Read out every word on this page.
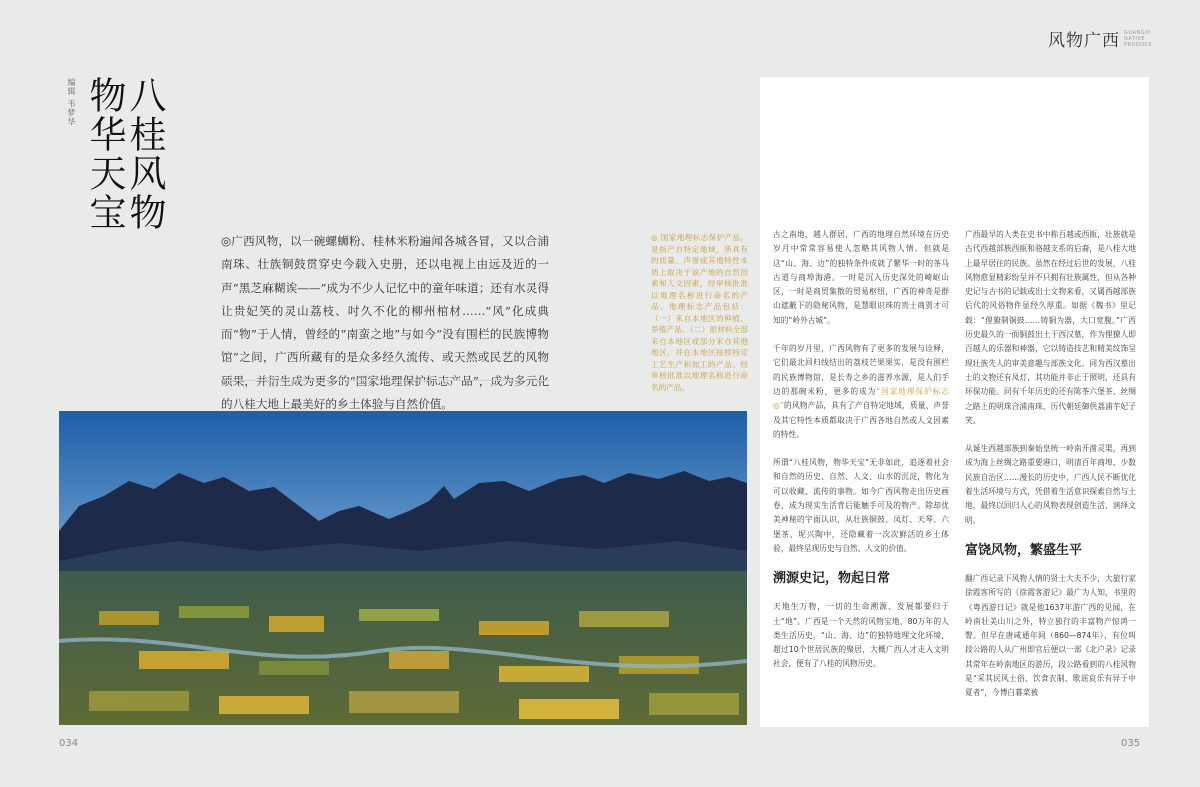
风物广西 GUANGXI NATIVE PRODUCE
编辑 韦梦华 八桂风物
物华天宝
◎广西风物，以一碗螺蛳粉、桂林米粉遍闻各城各冒，又以合浦南珠、壮族铜鼓贯穿史今载入史册，还以电视上由远及近的一声“黑芝麻糊诶——”成为不少人记忆中的童年味道；还有水灵得让贵妃笑的灵山荔枝、吋久不化的柳州棺材……“风”化成典而“物”于人情，曾经的“南蛮之地”与如今“没有围栏的民族博物馆”之间，广西所藏有的是众多经久流传、或天然或民艺的风物 的八桂大地上最美好的乡土体验与自然价值。
◎ 国家地理标志保护产品，是指产自特定地域，所具有的质量、声誉或其他特性本质上取决于该产地的自然因素和人文因素，经审核批准以地理名称进行命名的产品。地理标志产品包括：（一）来自本地区的种植、养殖产品。（二）原材料全部来自本地区或部分来自其他地区，并在本地区按照特定工艺生产和加工的产品。经审核批准以地理名称进行命名的产品。

古之南地，越人群居，广西的地理自然环境在历史岁月中常常容易使人忽略其风物人情。但就是这“山、海、边”的独特条件成就了繁华一时的茶马古道与商埠海港。一时是沉入历史深处的崎岖山区，一时是商贸集散的贸易枢纽，广西的神奇是群山遮蔽下的隐秘风物，是慧眼识珠的贵士商贾才可知的“岭外古城”。

千年的岁月里，广西风物有了更多的发展与诠释，它们最北回归线结出的荔枝芒果果实，是没有围栏的民族博物馆，是长寿之乡的滋养水源，是人们手边的那碗米粉，更多的成为“国家地理保护标志 ◎”的风物产品，具有了产自特定地域，质量、声誉及其它特性本质都取决于广西各地自然或人文因素的特性。

所谓“八桂风物，物华天宝”无非如此，追逐着社会和自然的历史、自然、人文、山水的沉淀，物化为可以收藏、流传的事物。如今广西风物走出历史画卷，成为现实生活背后能触手可及的物产。除却优美神秘的宇面认识，从壮族铜鼓、凤灯、天琴、六堡茶、坭兴陶中，还隐藏着一次次鲜活的乡土体验，最终呈现历史与自然、人文的价值。

溯源史记，物起日常

天地生万物，一切的生命溯源、发展都要归于土“地”。广西是一个天然的风物宝地，80万年的人类生活历史，“山、海、边”的独特地理文化环境，超过10个世居民族的聚居，大概广西人才走入文明社会，便有了八桂的风物历史。

广西最早的人类在史书中称百越或西瓯，壮族就是古代西越部族西瓯和骆越支系的后裔，是八桂大地上最早居住的民族。虽然在经过后世的发展，八桂风物愈显精彩纷呈并不只拥有壮族属性，但从各种史记与古书的记载或出土文物来看，又属西越部族后代的风俗物件显经久厚重。如据《魏书》里记载：“俚獠制铜鼓……铸铜为器，大口宽腹。”广西历史最久的一面铜鼓出土于西汉墓，作为俚獠人即百越人的乐器和神器，它以铸造技艺和精美纹饰呈现壮族先人的审美意趣与部族文化。同为西汉墓出土的文物还有凤灯，其功能并非止于照明，还具有环保功能。同有千年历史的还有陈茶六堡茶、丝绸之路上的明珠合浦南珠、历代朝廷御供荔浦芋妃子笑。

从诞生西越部族到秦始皇统一岭南开凿灵渠，再到成为海上丝绸之路重要港口，明清百年商埠、少数民族自治区……漫长的历史中，广西人民不断优化着生活环境与方式，凭借着生活意识探索自然与土地，最终以回归人心的风物表现创造生活，演绎文明。

富饶风物，繁盛生平

翻广西记录下风物人情的贤士大夫不少，大旅行家徐霞客所写的《徐霞客游记》最广为人知，书里的《粤西游日记》就是他1637年游广西的见闻，在岭南壮美山川之外，特立独行的丰富物产惊鸿一瞥。但早在唐咸通年间（860—874年），有位叫段公路的人从广州即官后便以一部《北户录》记录其常年在岭南地区的游历，段公路看到的八桂风物是“采其民风土俗、饮食衣制、歌谣哀乐有异于中夏者”，今博白暮菜被

034	035
